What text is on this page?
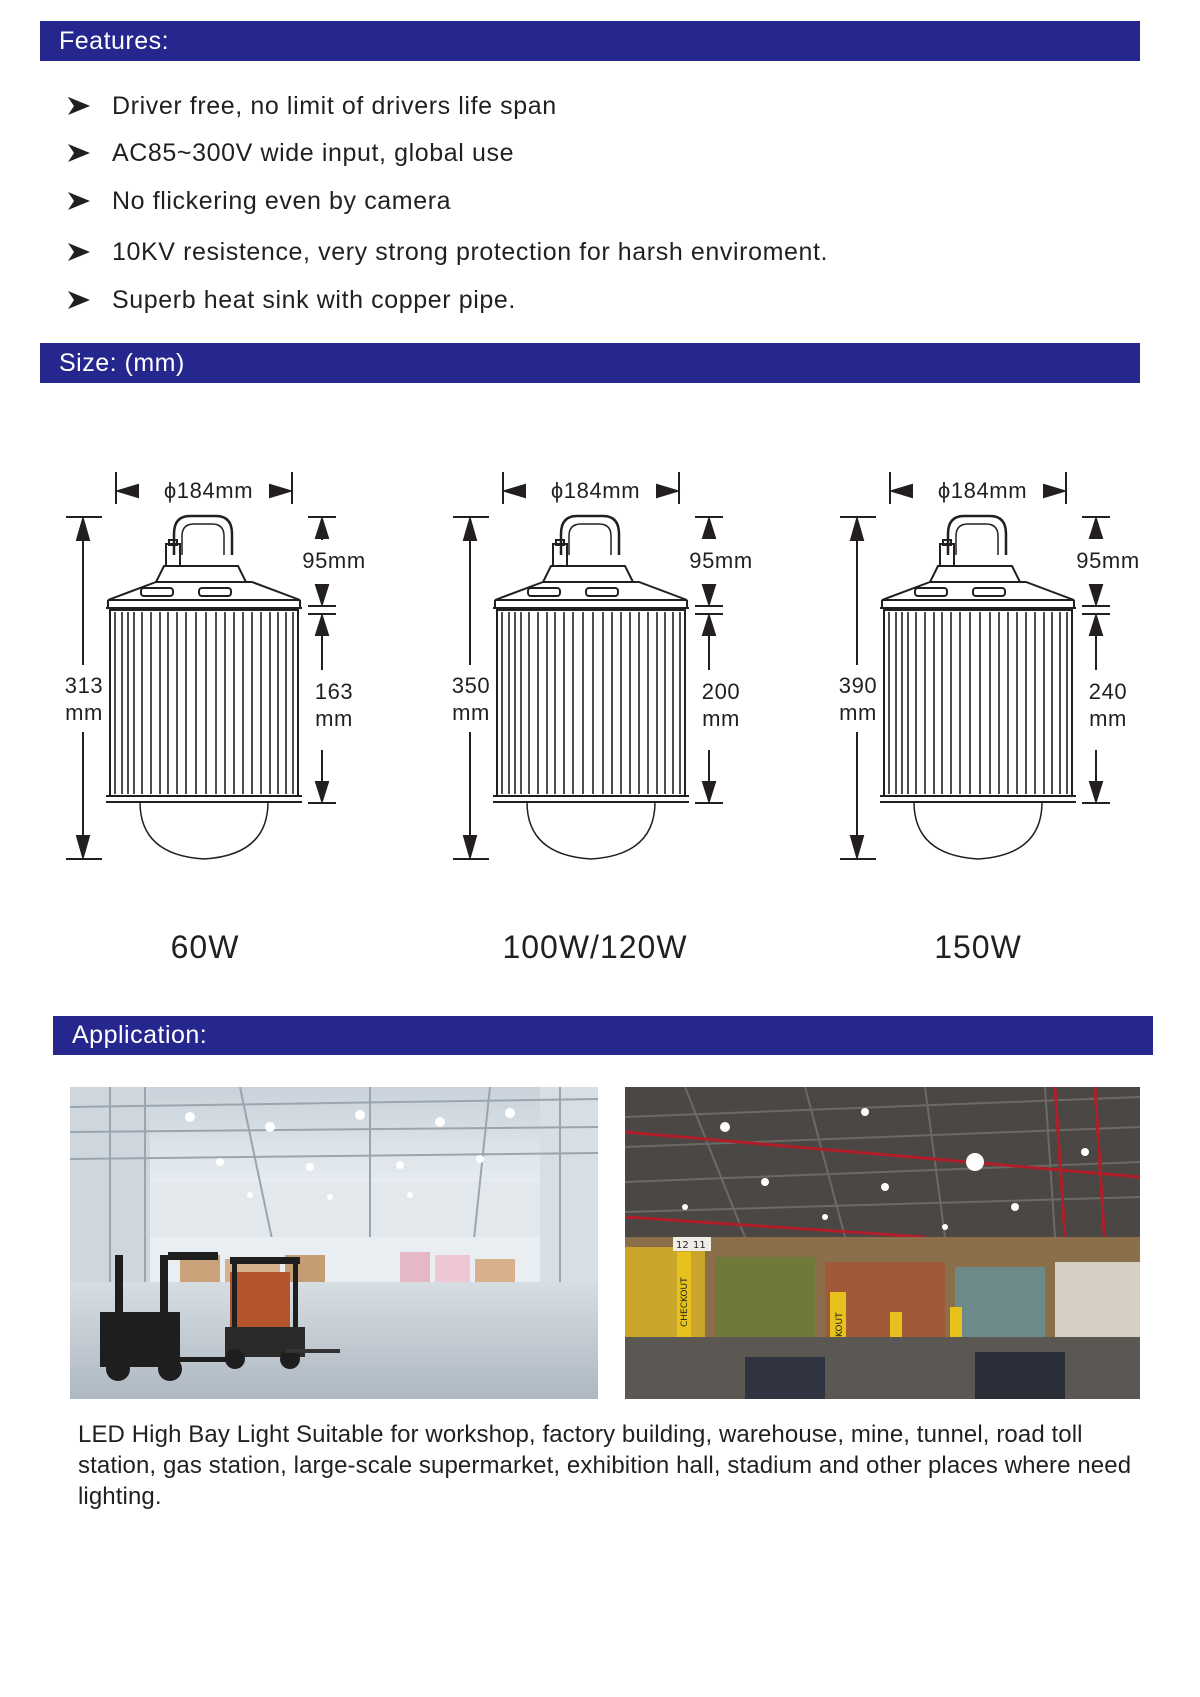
Features:
Driver free, no limit of drivers life span
AC85~300V wide input, global use
No flickering even by camera
10KV resistence, very strong protection for harsh enviroment.
Superb heat sink with copper pipe.
Size: (mm)
ϕ184mm
313
mm
95mm
163
mm
ϕ184mm
350
mm
95mm
200
mm
ϕ184mm
390
mm
95mm
240
mm
60W	100W/120W	150W
Application:
CHECKOUT
12 11
LED High Bay Light Suitable for workshop, factory building, warehouse, mine, tunnel, road toll station, gas station, large-scale supermarket, exhibition hall, stadium and other places where need lighting.
